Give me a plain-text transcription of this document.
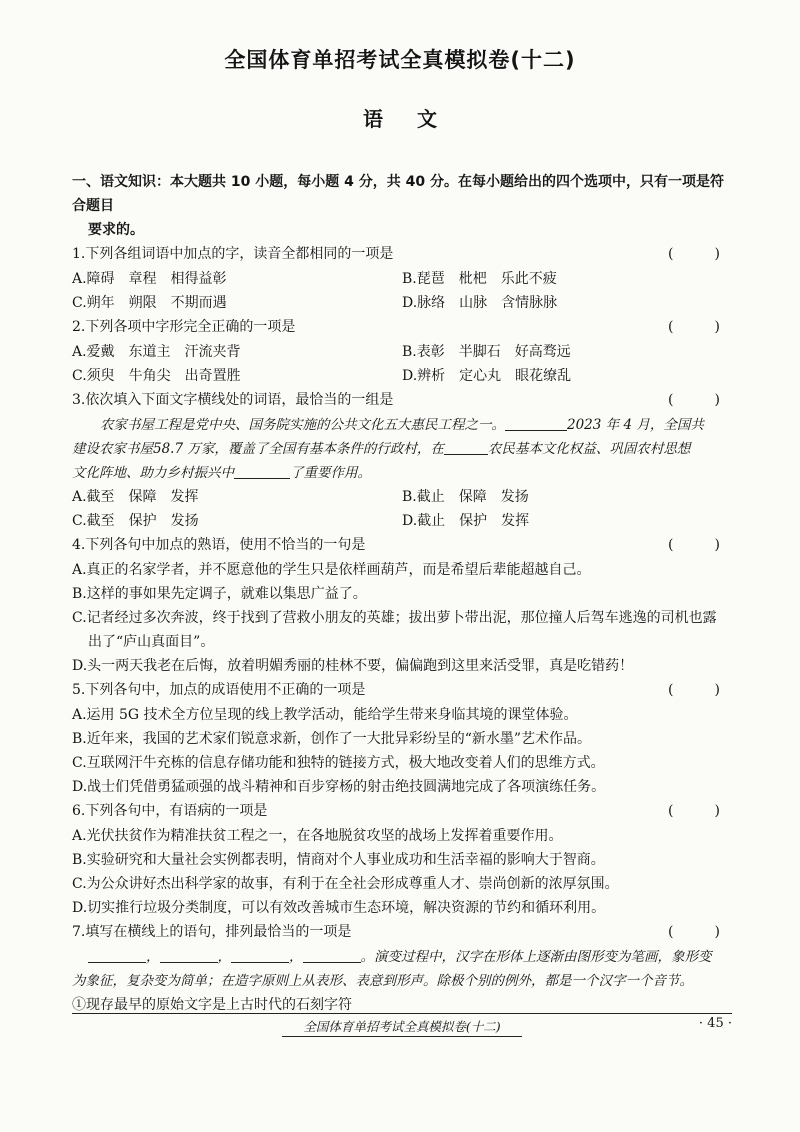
全国体育单招考试全真模拟卷(十二)
语文
一、语文知识：本大题共 10 小题，每小题 4 分，共 40 分。在每小题给出的四个选项中，只有一项是符合题目
要求的。
1.下列各组词语中加点的字，读音全都相同的一项是	(	)
A.障碍　章程　相得益彰	B.琵琶　枇杷　乐此不疲
C.朔年　朔限　不期而遇	D.脉络　山脉　含情脉脉
2.下列各项中字形完全正确的一项是	(	)
A.爱戴　东道主　汗流夹背	B.表彰　半脚石　好高骛远
C.须臾　牛角尖　出奇置胜	D.辨析　定心丸　眼花缭乱
3.依次填入下面文字横线处的词语，最恰当的一组是	(	)
农家书屋工程是党中央、国务院实施的公共文化五大惠民工程之一。	2023 年 4 月，全国共
建设农家书屋58.7 万家，覆盖了全国有基本条件的行政村，在	农民基本文化权益、巩固农村思想
文化阵地、助力乡村振兴中	了重要作用。
A.截至　保障　发挥	B.截止　保障　发扬
C.截至　保护　发扬	D.截止　保护　发挥
4.下列各句中加点的熟语，使用不恰当的一句是	(	)
A.真正的名家学者，并不愿意他的学生只是依样画葫芦，而是希望后辈能超越自己。
B.这样的事如果先定调子，就难以集思广益了。
C.记者经过多次奔波，终于找到了营救小朋友的英雄；拔出萝卜带出泥，那位撞人后驾车逃逸的司机也露
出了“庐山真面目”。
D.头一两天我老在后悔，放着明媚秀丽的桂林不要，偏偏跑到这里来活受罪，真是吃错药！
5.下列各句中，加点的成语使用不正确的一项是	(	)
A.运用 5G 技术全方位呈现的线上教学活动，能给学生带来身临其境的课堂体验。
B.近年来，我国的艺术家们锐意求新，创作了一大批异彩纷呈的“新水墨”艺术作品。
C.互联网汗牛充栋的信息存储功能和独特的链接方式，极大地改变着人们的思维方式。
D.战士们凭借勇猛顽强的战斗精神和百步穿杨的射击绝技圆满地完成了各项演练任务。
6.下列各句中，有语病的一项是	(	)
A.光伏扶贫作为精准扶贫工程之一，在各地脱贫攻坚的战场上发挥着重要作用。
B.实验研究和大量社会实例都表明，情商对个人事业成功和生活幸福的影响大于智商。
C.为公众讲好杰出科学家的故事，有利于在全社会形成尊重人才、崇尚创新的浓厚氛围。
D.切实推行垃圾分类制度，可以有效改善城市生态环境，解决资源的节约和循环利用。
7.填写在横线上的语句，排列最恰当的一项是	(	)
，	，	，	。演变过程中，汉字在形体上逐渐由图形变为笔画，象形变
为象征，复杂变为简单；在造字原则上从表形、表意到形声。除极个别的例外，都是一个汉字一个音节。
①现存最早的原始文字是上古时代的石刻字符
全国体育单招考试全真模拟卷(十二)	· 45 ·
